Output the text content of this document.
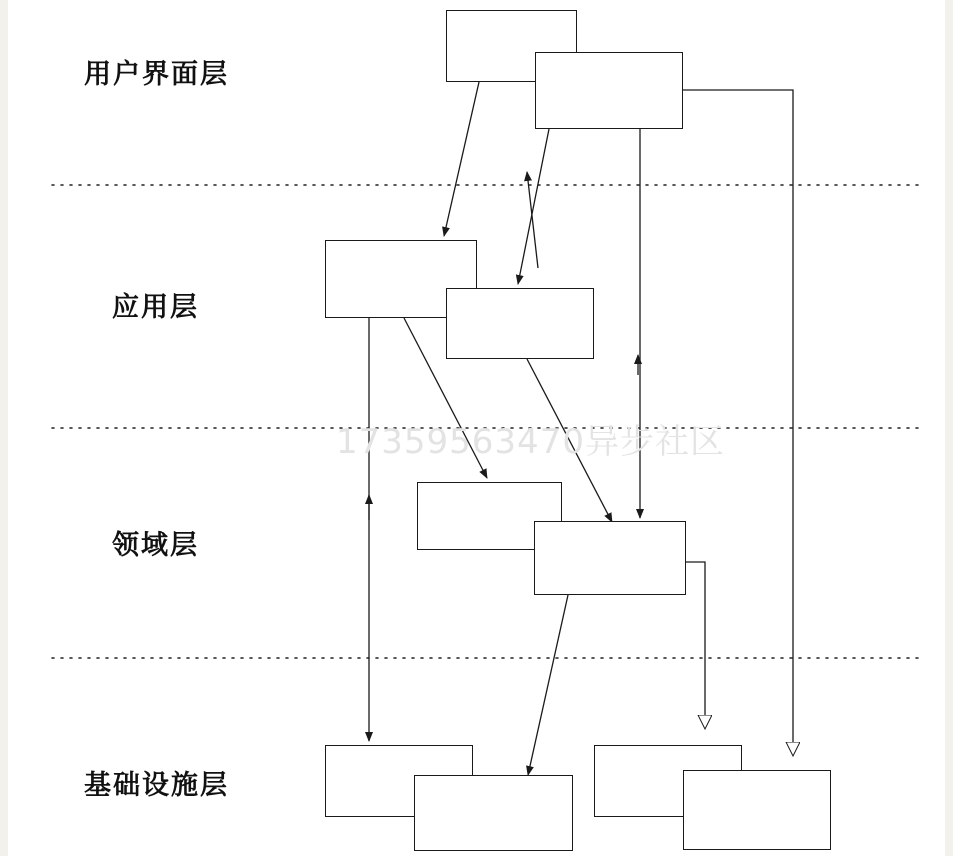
17359563470异步社区
用户界面层
应用层
领域层
基础设施层
